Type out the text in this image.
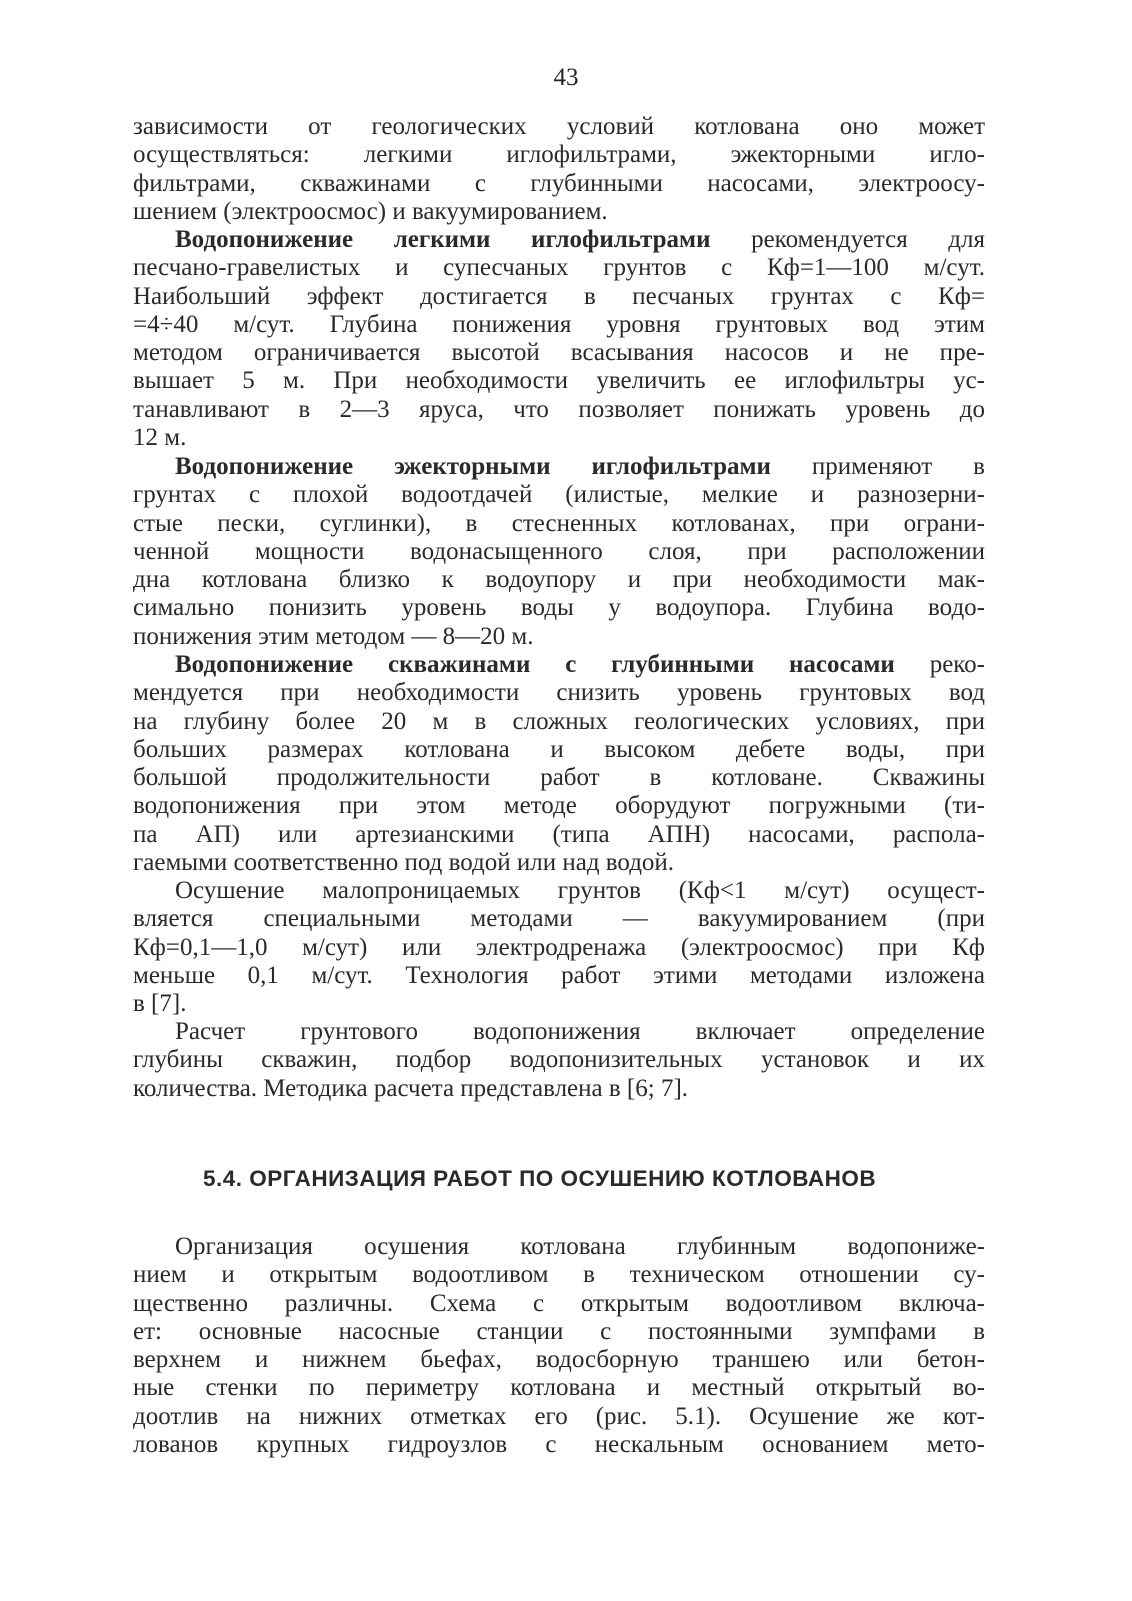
43
зависимости от геологических условий котлована оно может
осуществляться: легкими иглофильтрами, эжекторными игло-
фильтрами, скважинами с глубинными насосами, электроосу-
шением (электроосмос) и вакуумированием.
Водопонижение легкими иглофильтрами рекомендуется для
песчано-гравелистых и супесчаных грунтов с Кф=1—100 м/сут.
Наибольший эффект достигается в песчаных грунтах с Кф=
=4÷40 м/сут. Глубина понижения уровня грунтовых вод этим
методом ограничивается высотой всасывания насосов и не пре-
вышает 5 м. При необходимости увеличить ее иглофильтры ус-
танавливают в 2—3 яруса, что позволяет понижать уровень до
12 м.
Водопонижение эжекторными иглофильтрами применяют в
грунтах с плохой водоотдачей (илистые, мелкие и разнозерни-
стые пески, суглинки), в стесненных котлованах, при ограни-
ченной мощности водонасыщенного слоя, при расположении
дна котлована близко к водоупору и при необходимости мак-
симально понизить уровень воды у водоупора. Глубина водо-
понижения этим методом — 8—20 м.
Водопонижение скважинами с глубинными насосами реко-
мендуется при необходимости снизить уровень грунтовых вод
на глубину более 20 м в сложных геологических условиях, при
больших размерах котлована и высоком дебете воды, при
большой продолжительности работ в котловане. Скважины
водопонижения при этом методе оборудуют погружными (ти-
па АП) или артезианскими (типа АПН) насосами, распола-
гаемыми соответственно под водой или над водой.
Осушение малопроницаемых грунтов (Кф<1 м/сут) осущест-
вляется специальными методами — вакуумированием (при
Кф=0,1—1,0 м/сут) или электродренажа (электроосмос) при Кф
меньше 0,1 м/сут. Технология работ этими методами изложена
в [7].
Расчет грунтового водопонижения включает определение
глубины скважин, подбор водопонизительных установок и их
количества. Методика расчета представлена в [6; 7].
5.4. ОРГАНИЗАЦИЯ РАБОТ ПО ОСУШЕНИЮ КОТЛОВАНОВ
Организация осушения котлована глубинным водопониже-
нием и открытым водоотливом в техническом отношении су-
щественно различны. Схема с открытым водоотливом включа-
ет: основные насосные станции с постоянными зумпфами в
верхнем и нижнем бьефах, водосборную траншею или бетон-
ные стенки по периметру котлована и местный открытый во-
доотлив на нижних отметках его (рис. 5.1). Осушение же кот-
лованов крупных гидроузлов с нескальным основанием мето-
